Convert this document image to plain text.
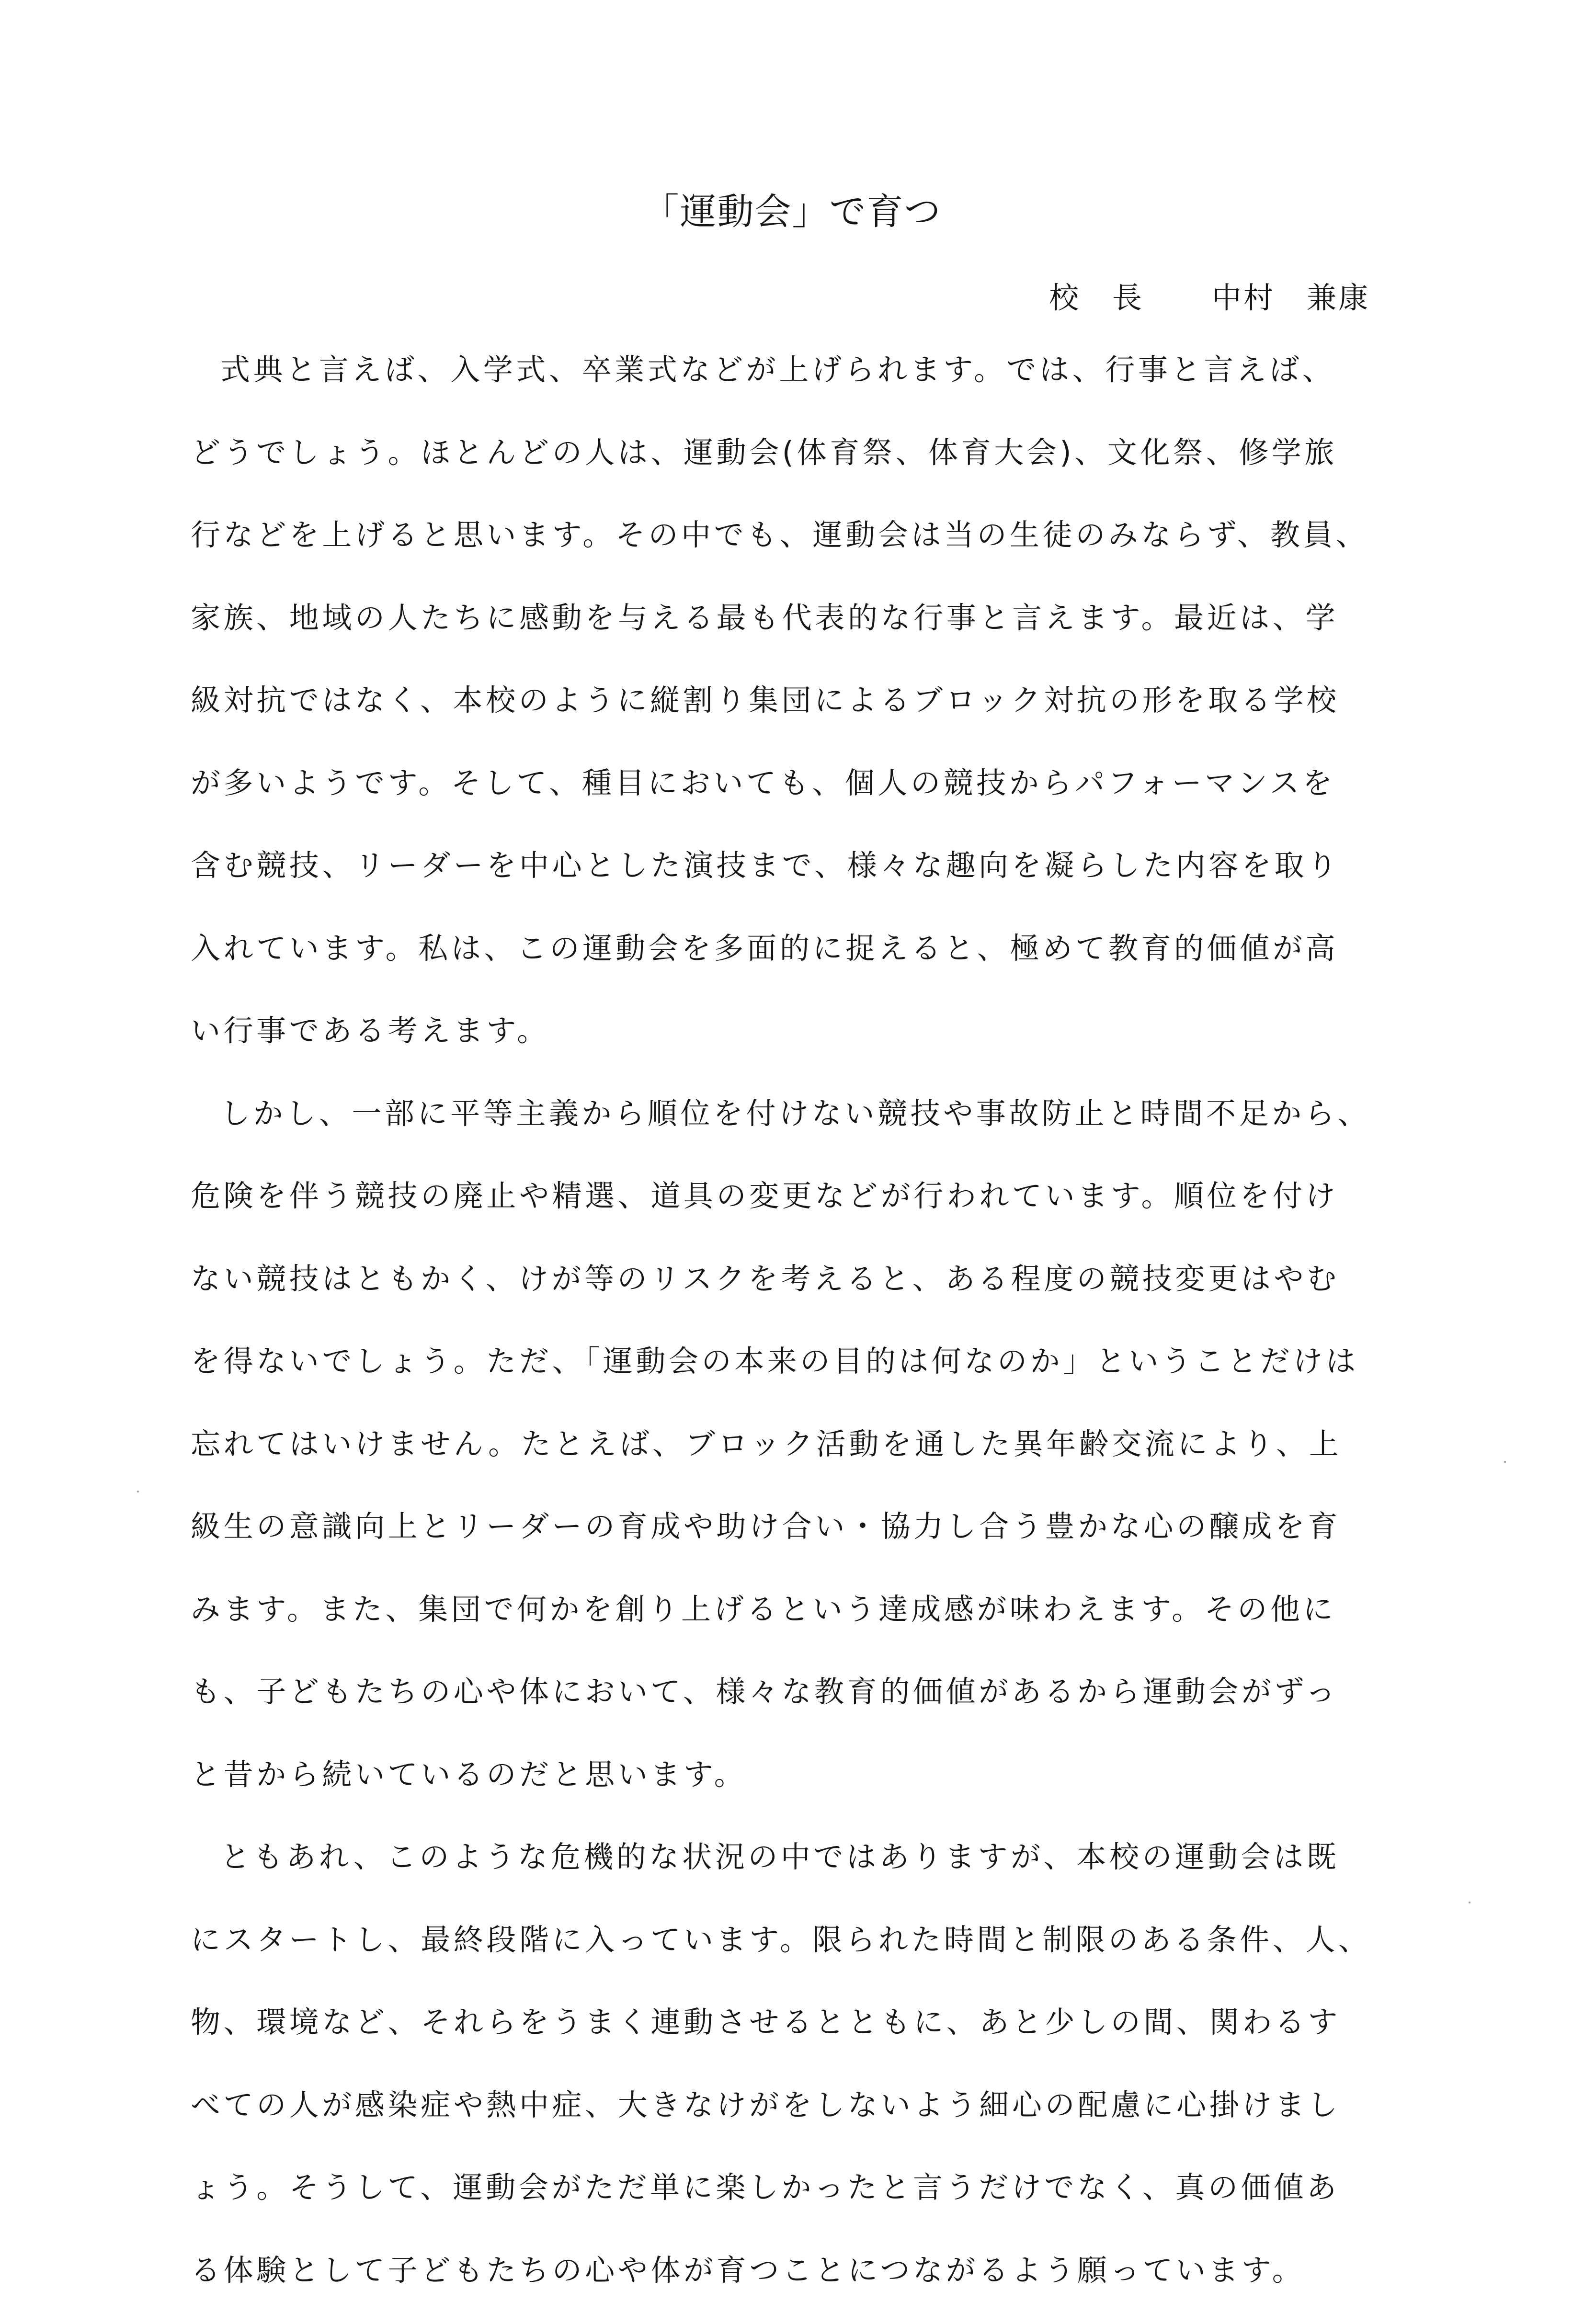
「運動会」で育つ
校　長 中村　兼康
式典と言えば、入学式、卒業式などが上げられます。では、行事と言えば、
どうでしょう。ほとんどの人は、運動会(体育祭、体育大会)、文化祭、修学旅
行などを上げると思います。その中でも、運動会は当の生徒のみならず、教員、
家族、地域の人たちに感動を与える最も代表的な行事と言えます。最近は、学
級対抗ではなく、本校のように縦割り集団によるブロック対抗の形を取る学校
が多いようです。そして、種目においても、個人の競技からパフォーマンスを
含む競技、リーダーを中心とした演技まで、様々な趣向を凝らした内容を取り
入れています。私は、この運動会を多面的に捉えると、極めて教育的価値が高
い行事である考えます。
しかし、一部に平等主義から順位を付けない競技や事故防止と時間不足から、
危険を伴う競技の廃止や精選、道具の変更などが行われています。順位を付け
ない競技はともかく、けが等のリスクを考えると、ある程度の競技変更はやむ
を得ないでしょう。ただ、「運動会の本来の目的は何なのか」ということだけは
忘れてはいけません。たとえば、ブロック活動を通した異年齢交流により、上
級生の意識向上とリーダーの育成や助け合い・協力し合う豊かな心の醸成を育
みます。また、集団で何かを創り上げるという達成感が味わえます。その他に
も、子どもたちの心や体において、様々な教育的価値があるから運動会がずっ
と昔から続いているのだと思います。
ともあれ、このような危機的な状況の中ではありますが、本校の運動会は既
にスタートし、最終段階に入っています。限られた時間と制限のある条件、人、
物、環境など、それらをうまく連動させるとともに、あと少しの間、関わるす
べての人が感染症や熱中症、大きなけがをしないよう細心の配慮に心掛けまし
ょう。そうして、運動会がただ単に楽しかったと言うだけでなく、真の価値あ
る体験として子どもたちの心や体が育つことにつながるよう願っています。
